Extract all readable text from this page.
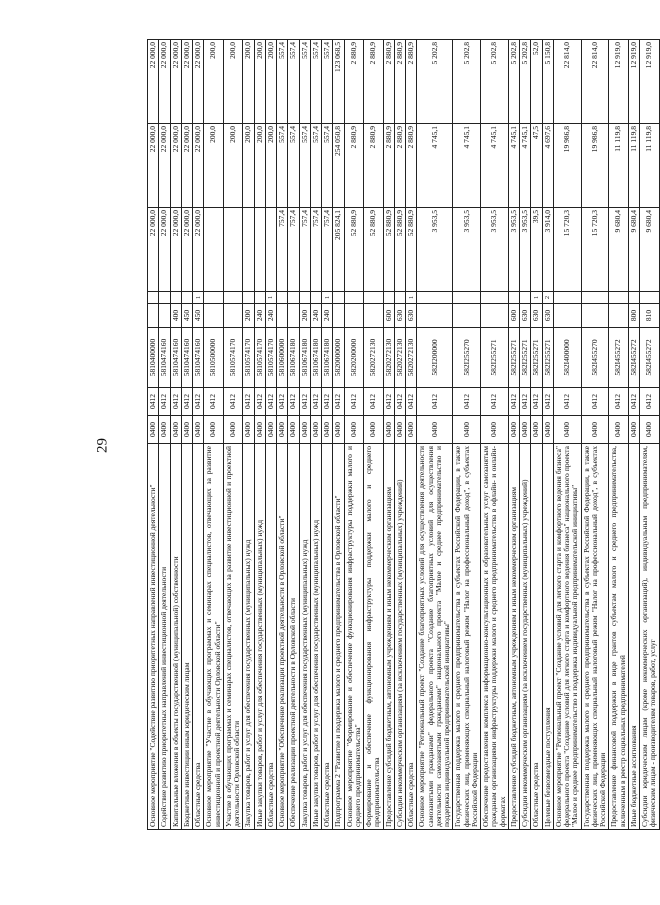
29
Основное мероприятие "Содействие развитию приоритетных направлений инвестиционной деятельности"	0400	0412	5810400000			22 000,0	22 000,0	22 000,0
Содействие развитию приоритетных направлений инвестиционной деятельности	0400	0412	5810474160			22 000,0	22 000,0	22 000,0
Капитальные вложения в объекты государственной (муниципальной) собственности	0400	0412	5810474160	400		22 000,0	22 000,0	22 000,0
Бюджетные инвестиции иным юридическим лицам	0400	0412	5810474160	450		22 000,0	22 000,0	22 000,0
Областные средства	0400	0412	5810474160	450	1	22 000,0	22 000,0	22 000,0
Основное мероприятие "Участие в обучающих программах и семинарах специалистов, отвечающих за развитие инвестиционной и проектной деятельности Орловской области"	0400	0412	5810500000				200,0	200,0
Участие в обучающих программах и семинарах специалистов, отвечающих за развитие инвестиционной и проектной деятельности Орловской области	0400	0412	5810574170				200,0	200,0
Закупка товаров, работ и услуг для обеспечения государственных (муниципальных) нужд	0400	0412	5810574170	200			200,0	200,0
Иные закупки товаров, работ и услуг для обеспечения государственных (муниципальных) нужд	0400	0412	5810574170	240			200,0	200,0
Областные средства	0400	0412	5810574170	240	1		200,0	200,0
Основное мероприятие "Обеспечение реализации проектной деятельности в Орловской области"	0400	0412	5810600000			757,4	557,4	557,4
Обеспечение реализации проектной деятельности в Орловской области	0400	0412	5810674180			757,4	557,4	557,4
Закупка товаров, работ и услуг для обеспечения государственных (муниципальных) нужд	0400	0412	5810674180	200		757,4	557,4	557,4
Иные закупки товаров, работ и услуг для обеспечения государственных (муниципальных) нужд	0400	0412	5810674180	240		757,4	557,4	557,4
Областные средства	0400	0412	5810674180	240	1	757,4	557,4	557,4
Подпрограмма 2 "Развитие и поддержка малого и среднего предпринимательства в Орловской области"	0400	0412	5820000000			205 824,1	254 050,8	123 068,5
Основное мероприятие "Формирование и обеспечение функционирования инфраструктуры поддержки малого и среднего предпринимательства"	0400	0412	5820200000			52 880,9	2 880,9	2 880,9
Формирование и обеспечение функционирования инфраструктуры поддержки малого и среднего предпринимательства	0400	0412	5820272130			52 880,9	2 880,9	2 880,9
Предоставление субсидий бюджетным, автономным учреждениям и иным некоммерческим организациям	0400	0412	5820272130	600		52 880,9	2 880,9	2 880,9
Субсидии некоммерческим организациям (за исключением государственных (муниципальных) учреждений)	0400	0412	5820272130	630		52 880,9	2 880,9	2 880,9
Областные средства	0400	0412	5820272130	630	1	52 880,9	2 880,9	2 880,9
Основное мероприятие "Региональный проект "Создание благоприятных условий для осуществления деятельности самозанятыми гражданами" федерального проекта "Создание благоприятных условий для осуществления деятельности самозанятыми гражданами" национального проекта "Малое и среднее предпринимательство и поддержка индивидуальной предпринимательской инициативы"	0400	0412	582I200000			3 953,5	4 745,1	5 202,8
Государственная поддержка малого и среднего предпринимательства в субъектах Российской Федерации, в также физических лиц, применяющих специальный налоговый режим "Налог на профессиональный доход", в субъектах Российской Федерации	0400	0412	582I255270			3 953,5	4 745,1	5 202,8
Обеспечение предоставления комплекса информационно-консультационных и образовательных услуг самозанятым гражданам организациями инфраструктуры поддержки малого и среднего предпринимательства в офлайн- и онлайн-форматах	0400	0412	582I255271			3 953,5	4 745,1	5 202,8
Предоставление субсидий бюджетным, автономным учреждениям и иным некоммерческим организациям	0400	0412	582I255271	600		3 953,5	4 745,1	5 202,8
Субсидии некоммерческим организациям (за исключением государственных (муниципальных) учреждений)	0400	0412	582I255271	630		3 953,5	4 745,1	5 202,8
Областные средства	0400	0412	582I255271	630	1	39,5	47,5	52,0
Целевые безвозмездные поступления	0400	0412	582I255271	630	2	3 914,0	4 697,6	5 150,8
Основное мероприятие "Региональный проект "Создание условий для легкого старта и комфортного ведения бизнеса" федерального проекта "Создание условий для легкого старта и комфортного ведения бизнеса" национального проекта "Малое и среднее предпринимательство и поддержка индивидуальной предпринимательской инициативы"	0400	0412	582I400000			15 720,3	19 986,8	22 814,0
Государственная поддержка малого и среднего предпринимательства в субъектах Российской Федерации, в также физических лиц, применяющих специальный налоговый режим "Налог на профессиональный доход", в субъектах Российской Федерации	0400	0412	582I455270			15 720,3	19 986,8	22 814,0
Предоставление финансовой поддержки в виде грантов субъектам малого и среднего предпринимательства, включенным в реестр социальных предпринимателей	0400	0412	582I455272			9 680,4	11 119,8	12 919,0
Иные бюджетные ассигнования	0400	0412	582I455272	800		9 680,4	11 119,8	12 919,0
Субсидии юридическим лицам (кроме некоммерческих организаций), индивидуальным предпринимателям, физическим лицам - производителям товаров, работ, услуг	0400	0412	582I455272	810		9 680,4	11 119,8	12 919,0
